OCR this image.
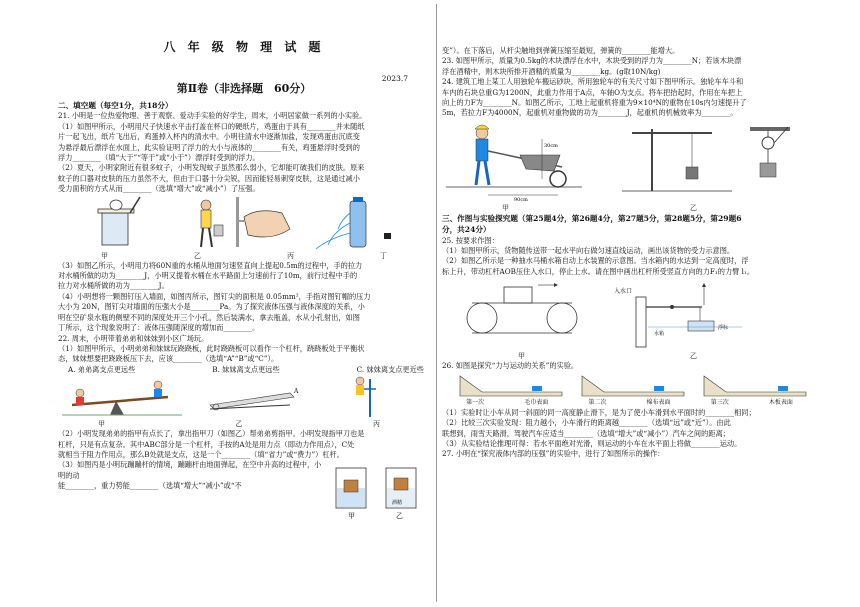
八 年 级 物 理 试 题
2023.7
第Ⅱ卷（非选择题　60分）
二、填空题（每空1分，共18分）

21. 小明是一位热爱物理、善于观察、爱动手实验的好学生，周末，小明居家做一系列的小实验。

（1）如图甲所示，小明用尺子快速水平击打盖在杯口的硬纸片，鸡蛋由于具有________并未随纸

片一起飞出，纸片飞出后，鸡蛋掉入杯内的清水中。小明往清水中逐渐加盐，发现鸡蛋由沉底变

为悬浮最后漂浮在水面上，此实验证明了浮力的大小与液体的________有关，鸡蛋悬浮时受到的

浮力________（填“大于”“等于”或“小于”）漂浮时受到的浮力。

（2）夏天，小明家附近有很多蚊子，小明发现蚊子虽然那么弱小，它却能叮破我们的皮肤。原来

蚊子的口器对皮肤的压力虽然不大，但由于口器十分尖锐，因而能轻易刺穿皮肤，这是通过减小

受力面积的方式从而________（选填“增大”或“减小”）了压强。

甲	乙	丙	丁

（3）如图乙所示，小明用力将60N重的水桶从地面匀速竖直向上提起0.5m的过程中，手的拉力

对水桶所做的功为________J，小明又提着水桶在水平路面上匀速前行了10m，前行过程中手的

拉力对水桶所做的功为________J。

（4）小明想将一颗图钉压入墙面，如图丙所示，图钉尖的面积是 0.05mm²，手指对图钉帽的压力

大小为 20N，图钉尖对墙面的压强大小是________Pa。为了探究液体压强与液体深度的关系，小

明在空矿泉水瓶的侧壁不同的深度处开三个小孔，然后装满水，拿去瓶盖，水从小孔射出，如图

丁所示，这个现象说明了：液体压强随深度的增加而________。

22. 周末，小明带着弟弟和妹妹到小区广场玩。

（1）如图甲所示，小明弟弟和妹妹玩跷跷板，此时跷跷板可以看作一个杠杆，跷跷板处于平衡状

态，妹妹想要把跷跷板压下去，应该________（选填“A”“B”或“C”）。

A. 弟弟离支点更远些	B. 妹妹离支点更远些	C. 妹妹离支点更近些
A
甲	乙	丙

（2）小明发现弟弟的指甲有点长了，拿出指甲刀（如图乙）帮弟弟剪指甲。小明发现指甲刀也是

杠杆，只是有点复杂。其中ABC部分是一个杠杆，手按的A处是用力点（即动力作用点），C处

就相当于阻力作用点，那么B处就是支点，这是一个________（填“省力”或“费力”）杠杆。

（3）如图丙是小明玩蹦蹦杆的情境，蹦蹦杆由地面弹起，在空中升高的过程中，小明的动

能________，重力势能________（选填“增大”“减小”或“不

甲	乙
酒精

变”）。在下落后，从杆尖触地到弹簧压缩至最短，弹簧的________能增大。

23. 如图甲所示，质量为0.5kg的木块漂浮在水中，木块受到的浮力为________N；若该木块漂

浮在酒精中，则木块所排开酒精的质量为________kg。(g取10N/kg)

24. 建筑工地上某工人用独轮车搬运砂块，所用独轮车的有关尺寸如下图甲所示。独轮车车斗和

车内的石块总重G为1200N，此重力作用于A点，车轴O为支点。将车把抬起时，作用在车把上

向上的力F为________N。如图乙所示，工地上起重机将重为9×10⁴N的重物在10s内匀速提升了

5m，若拉力F为4000N，起重机对重物做的功为________J，起重机的机械效率为________。

90cm
30cm
甲	乙
三、作图与实验探究题（第25题4分，第26题4分，第27题5分，第28题5分，第29题6
分，共24分）

25. 按要求作图：

（1）如图甲所示，货物随传送带一起水平向右做匀速直线运动，画出该货物的受力示意图。

（2）如图乙所示是一种抽水马桶水箱自动上水装置的示意图。当水箱内的水达到一定高度时，浮

标上升，带动杠杆AOB压住入水口，停止上水。请在图中画出杠杆所受竖直方向的力F₁的力臂 l₁。

入水口
水箱
浮标
甲	乙

26. 如图是探究“力与运动的关系”的实验。

第一次	毛巾表面	第二次	棉布表面	第三次	木板表面

（1）实验时让小车从同一斜面的同一高度静止滑下，是为了使小车滑到水平面时的________相同；

（2）比较三次实验发现：阻力越小，小车滑行的距离越________（选填“远”或“近”）。由此

联想到，雨雪天路滑，驾驶汽车应适当________（选填“增大”或“减小”）汽车之间的距离；

（3）从实验结论推理可得：若水平面绝对光滑，则运动的小车在水平面上将做________运动。

27. 小明在“探究液体内部的压强”的实验中，进行了如图所示的操作：
